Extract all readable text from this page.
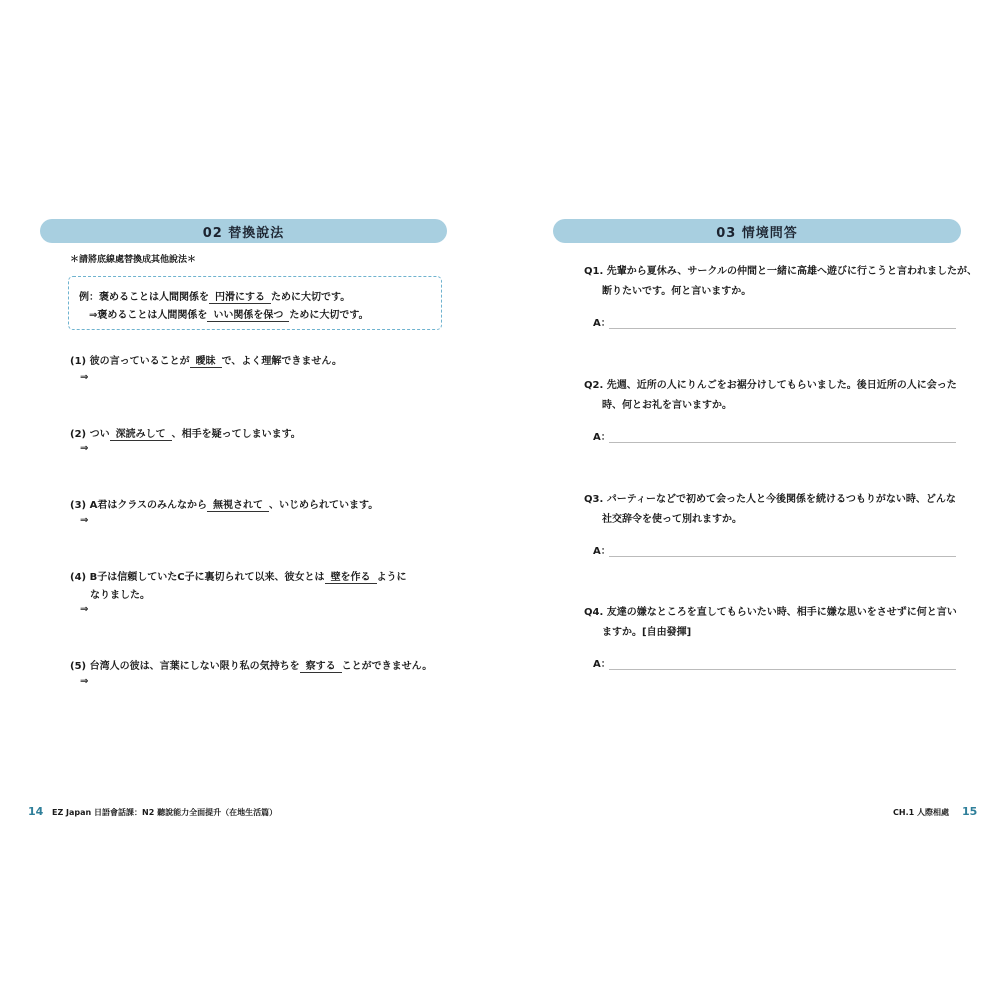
02 替換說法
＊請將底線處替換成其他說法＊
例：褒めることは人間関係を 円滑にする ために大切です。
⇒褒めることは人間関係を いい関係を保つ ために大切です。
(1) 彼の言っていることが 曖昧 で、よく理解できません。
⇒
(2) つい 深読みして 、相手を疑ってしまいます。
⇒
(3) A君はクラスのみんなから 無視されて 、いじめられています。
⇒
(4) B子は信頼していたC子に裏切られて以来、彼女とは 壁を作る ように
なりました。
⇒
(5) 台湾人の彼は、言葉にしない限り私の気持ちを 察する ことができません。
⇒
14 EZ Japan 日語會話課：N2 聽說能力全面提升（在地生活篇）
03 情境問答
Q1. 先輩から夏休み、サークルの仲間と一緒に高雄へ遊びに行こうと言われましたが、
断りたいです。何と言いますか。
A：
Q2. 先週、近所の人にりんごをお裾分けしてもらいました。後日近所の人に会った
時、何とお礼を言いますか。
A：
Q3. パーティーなどで初めて会った人と今後関係を続けるつもりがない時、どんな
社交辞令を使って別れますか。
A：
Q4. 友達の嫌なところを直してもらいたい時、相手に嫌な思いをさせずに何と言い
ますか。[自由發揮]
A：
CH.1 人際相處 15
